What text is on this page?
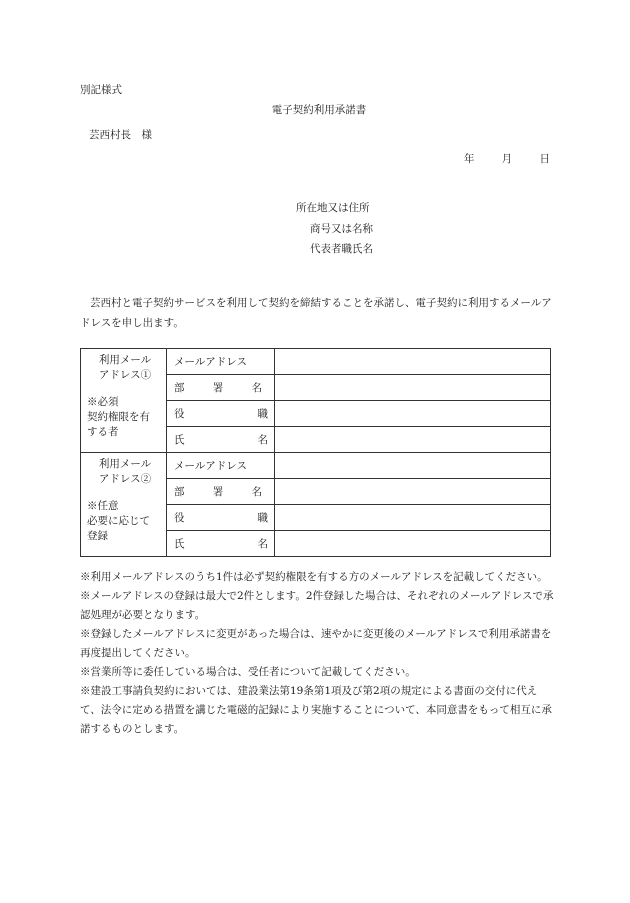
別記様式
電子契約利用承諾書
芸西村長　様
年	月	日
所在地又は住所
商号又は名称
代表者職氏名
芸西村と電子契約サービスを利用して契約を締結することを承諾し、電子契約に利用するメールアドレスを申し出ます。
利用メール
アドレス①
※必須
契約権限を有
する者	メールアドレス	

	部 署 名	

	役 職	

	氏 名	

利用メール
アドレス②
※任意
必要に応じて
登録	メールアドレス	

	部 署 名	

	役 職	

	氏 名	

※利用メールアドレスのうち1件は必ず契約権限を有する方のメールアドレスを記載してください。

※メールアドレスの登録は最大で2件とします。2件登録した場合は、それぞれのメールアドレスで承認処理が必要となります。

※登録したメールアドレスに変更があった場合は、速やかに変更後のメールアドレスで利用承諾書を再度提出してください。

※営業所等に委任している場合は、受任者について記載してください。

※建設工事請負契約においては、建設業法第19条第1項及び第2項の規定による書面の交付に代えて、法令に定める措置を講じた電磁的記録により実施することについて、本同意書をもって相互に承諾するものとします。
